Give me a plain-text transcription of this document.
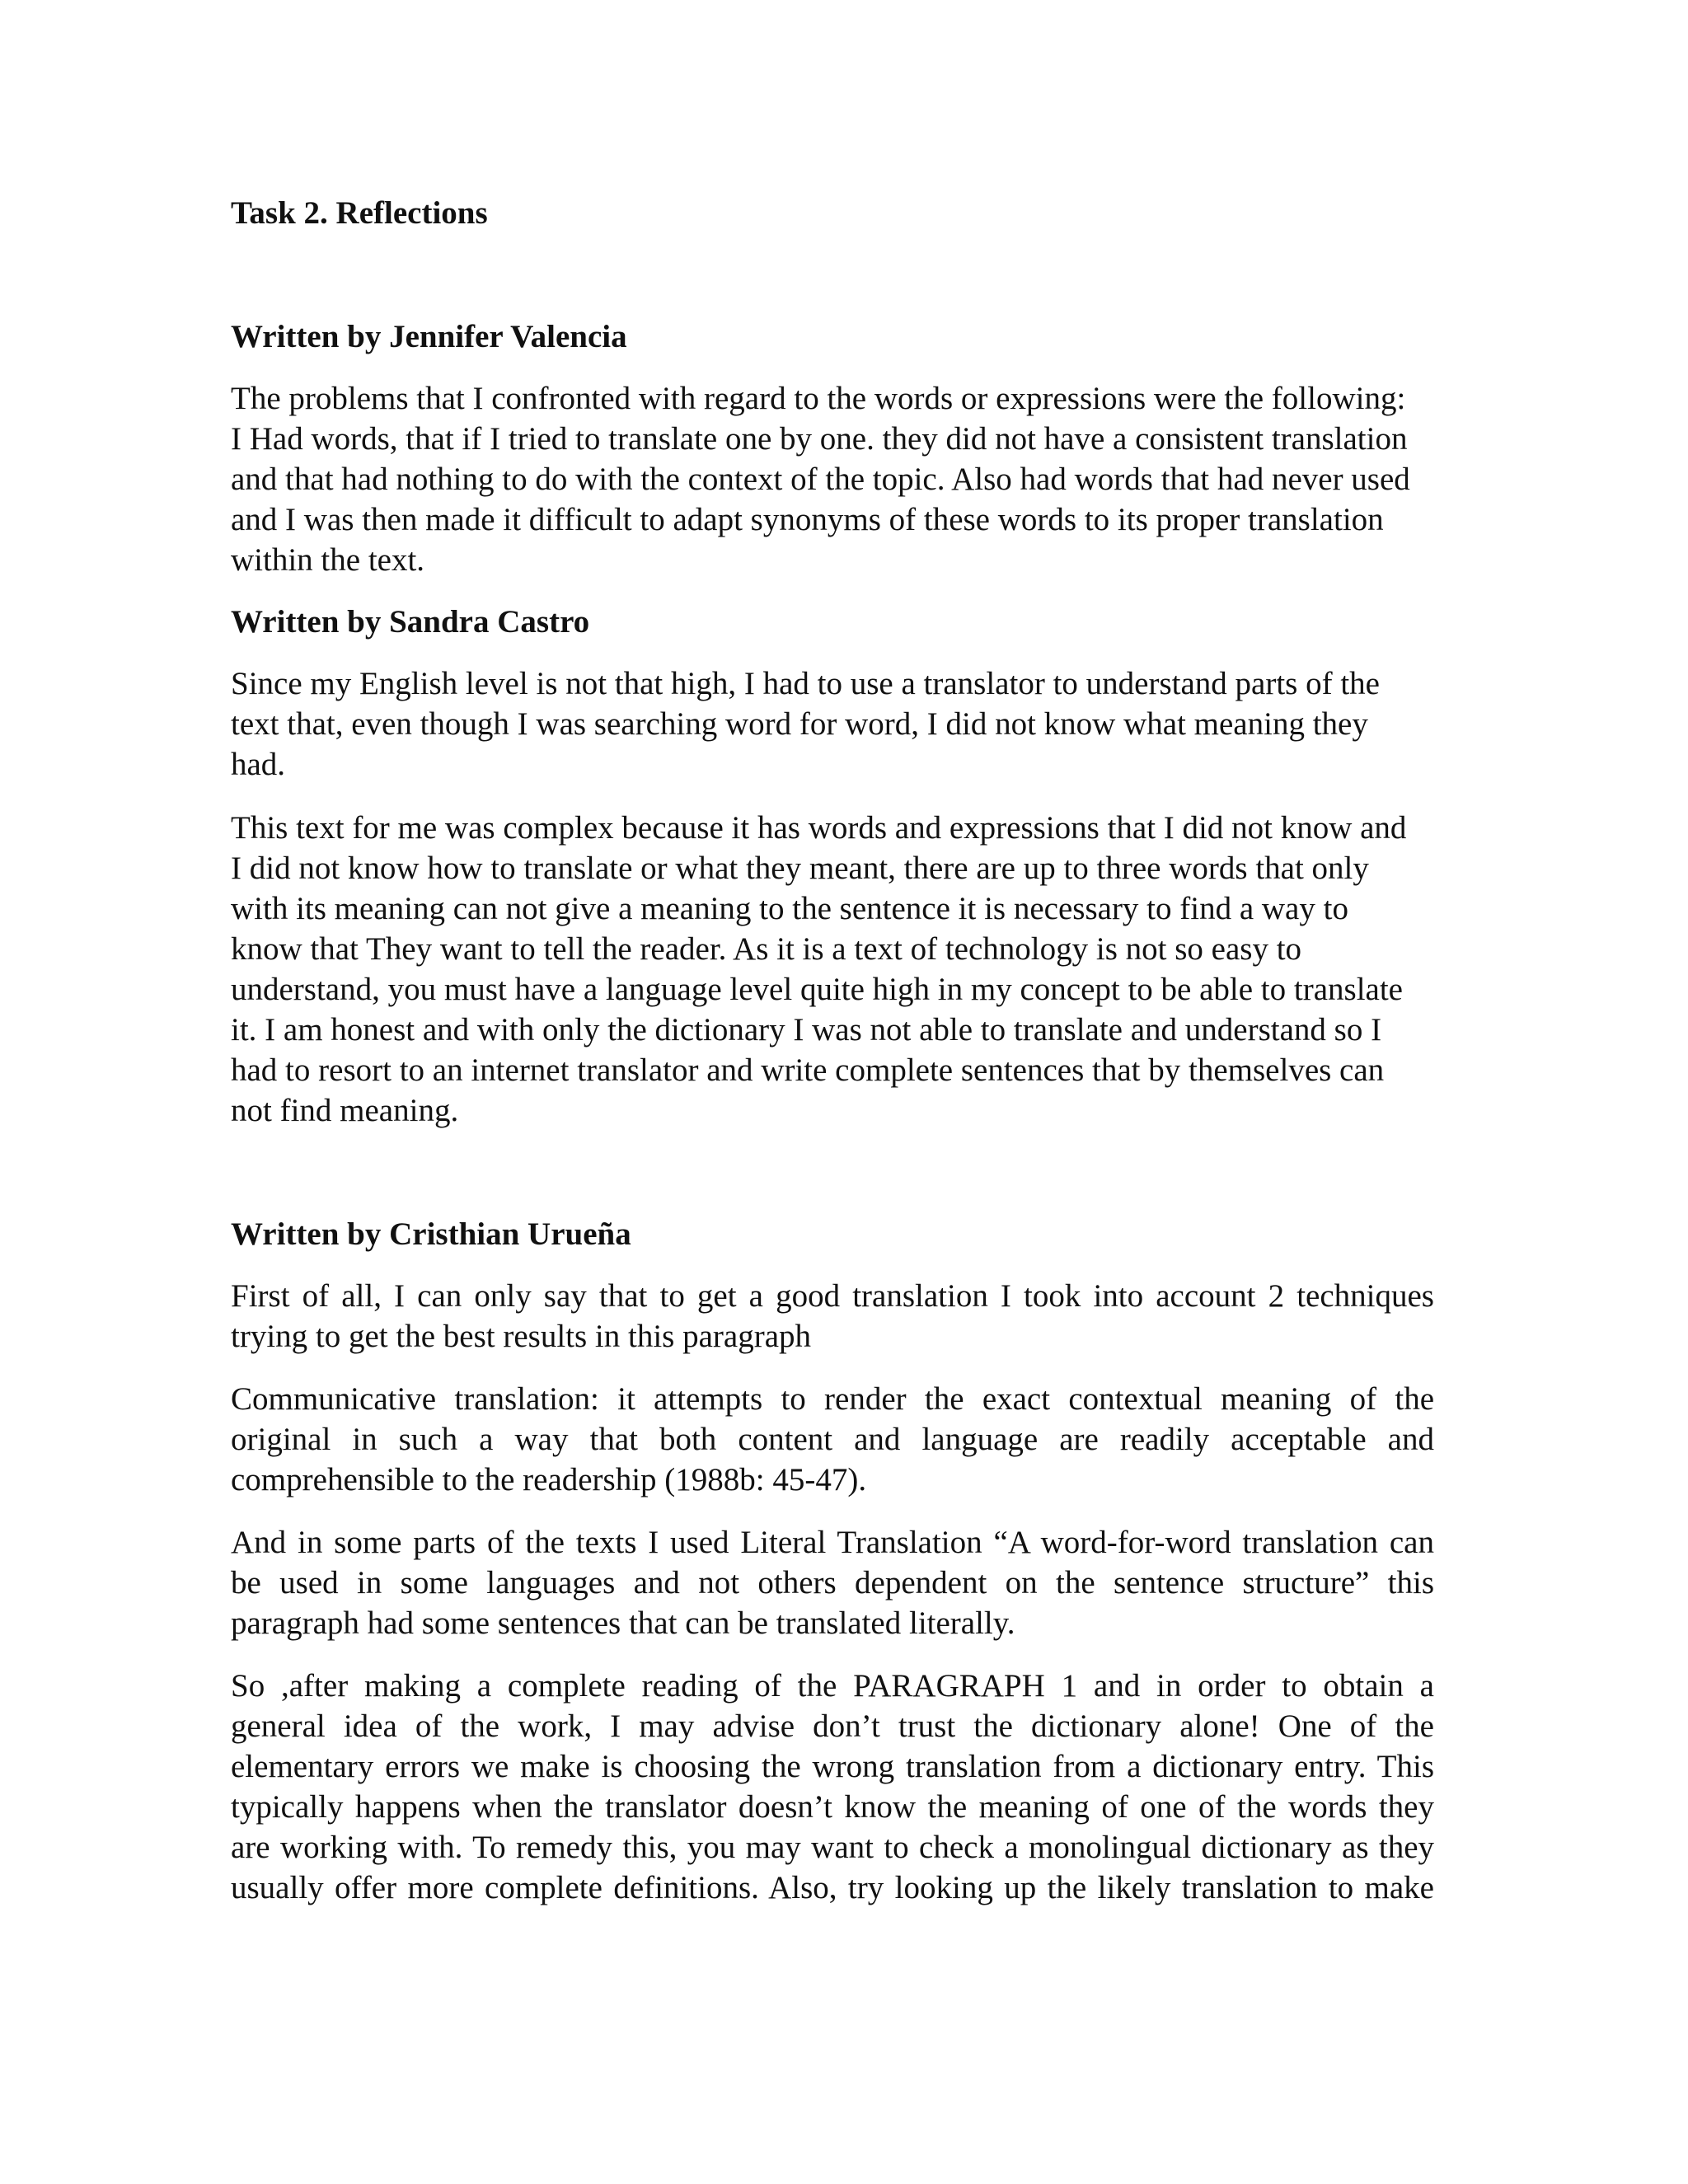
Task 2. Reflections

Written by Jennifer Valencia

The problems that I confronted with regard to the words or expressions were the following:

I Had words, that if I tried to translate one by one. they did not have a consistent translation

and that had nothing to do with the context of the topic. Also had words that had never used

and I was then made it difficult to adapt synonyms of these words to its proper translation

within the text.

Written by Sandra Castro

Since my English level is not that high, I had to use a translator to understand parts of the

text that, even though I was searching word for word, I did not know what meaning they

had.

This text for me was complex because it has words and expressions that I did not know and

I did not know how to translate or what they meant, there are up to three words that only

with its meaning can not give a meaning to the sentence it is necessary to find a way to

know that They want to tell the reader. As it is a text of technology is not so easy to

understand, you must have a language level quite high in my concept to be able to translate

it. I am honest and with only the dictionary I was not able to translate and understand so I

had to resort to an internet translator and write complete sentences that by themselves can

not find meaning.

Written by Cristhian Urueña

First of all, I can only say that to get a good translation I took into account 2 techniques

trying to get the best results in this paragraph

Communicative translation: it attempts to render the exact contextual meaning of the

original in such a way that both content and language are readily acceptable and

comprehensible to the readership (1988b: 45-47).

And in some parts of the texts I used Literal Translation “A word-for-word translation can

be used in some languages and not others dependent on the sentence structure” this

paragraph had some sentences that can be translated literally.

So ,after making a complete reading of the PARAGRAPH 1 and in order to obtain a

general idea of the work, I may advise don’t trust the dictionary alone! One of the

elementary errors we make is choosing the wrong translation from a dictionary entry. This

typically happens when the translator doesn’t know the meaning of one of the words they

are working with. To remedy this, you may want to check a monolingual dictionary as they

usually offer more complete definitions. Also, try looking up the likely translation to make
